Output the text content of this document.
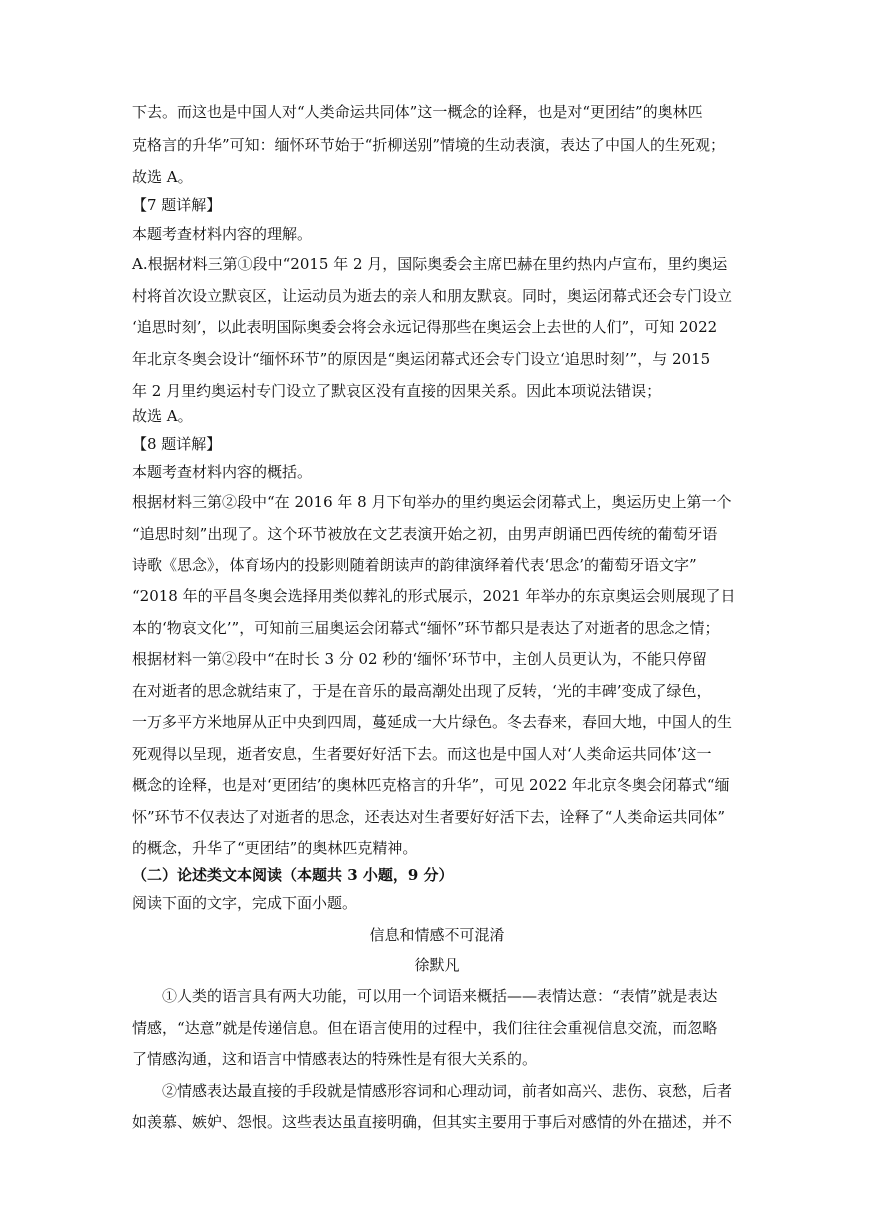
下去。而这也是中国人对“人类命运共同体”这一概念的诠释，也是对“更团结”的奥林匹

克格言的升华”可知：缅怀环节始于“折柳送别”情境的生动表演，表达了中国人的生死观；

故选 A。

【7 题详解】

本题考查材料内容的理解。

A.根据材料三第①段中“2015 年 2 月，国际奥委会主席巴赫在里约热内卢宣布，里约奥运

村将首次设立默哀区，让运动员为逝去的亲人和朋友默哀。同时，奥运闭幕式还会专门设立

‘追思时刻’，以此表明国际奥委会将会永远记得那些在奥运会上去世的人们”，可知 2022

年北京冬奥会设计“缅怀环节”的原因是“奥运闭幕式还会专门设立‘追思时刻’”，与 2015

年 2 月里约奥运村专门设立了默哀区没有直接的因果关系。因此本项说法错误；

故选 A。

【8 题详解】

本题考查材料内容的概括。

根据材料三第②段中“在 2016 年 8 月下旬举办的里约奥运会闭幕式上，奥运历史上第一个

“追思时刻”出现了。这个环节被放在文艺表演开始之初，由男声朗诵巴西传统的葡萄牙语

诗歌《思念》，体育场内的投影则随着朗读声的韵律演绎着代表‘思念’的葡萄牙语文字”

“2018 年的平昌冬奥会选择用类似葬礼的形式展示，2021 年举办的东京奥运会则展现了日

本的‘物哀文化’”，可知前三届奥运会闭幕式“缅怀”环节都只是表达了对逝者的思念之情；

根据材料一第②段中“在时长 3 分 02 秒的‘缅怀’环节中，主创人员更认为，不能只停留

在对逝者的思念就结束了，于是在音乐的最高潮处出现了反转，‘光的丰碑’变成了绿色，

一万多平方米地屏从正中央到四周，蔓延成一大片绿色。冬去春来，春回大地，中国人的生

死观得以呈现，逝者安息，生者要好好活下去。而这也是中国人对‘人类命运共同体’这一

概念的诠释，也是对‘更团结’的奥林匹克格言的升华”，可见 2022 年北京冬奥会闭幕式“缅

怀”环节不仅表达了对逝者的思念，还表达对生者要好好活下去，诠释了“人类命运共同体”

的概念，升华了“更团结”的奥林匹克精神。

（二）论述类文本阅读（本题共 3 小题，9 分）

阅读下面的文字，完成下面小题。

信息和情感不可混淆

徐默凡

①人类的语言具有两大功能，可以用一个词语来概括——表情达意：“表情”就是表达

情感，“达意”就是传递信息。但在语言使用的过程中，我们往往会重视信息交流，而忽略

了情感沟通，这和语言中情感表达的特殊性是有很大关系的。

②情感表达最直接的手段就是情感形容词和心理动词，前者如高兴、悲伤、哀愁，后者

如羡慕、嫉妒、怨恨。这些表达虽直接明确，但其实主要用于事后对感情的外在描述，并不
